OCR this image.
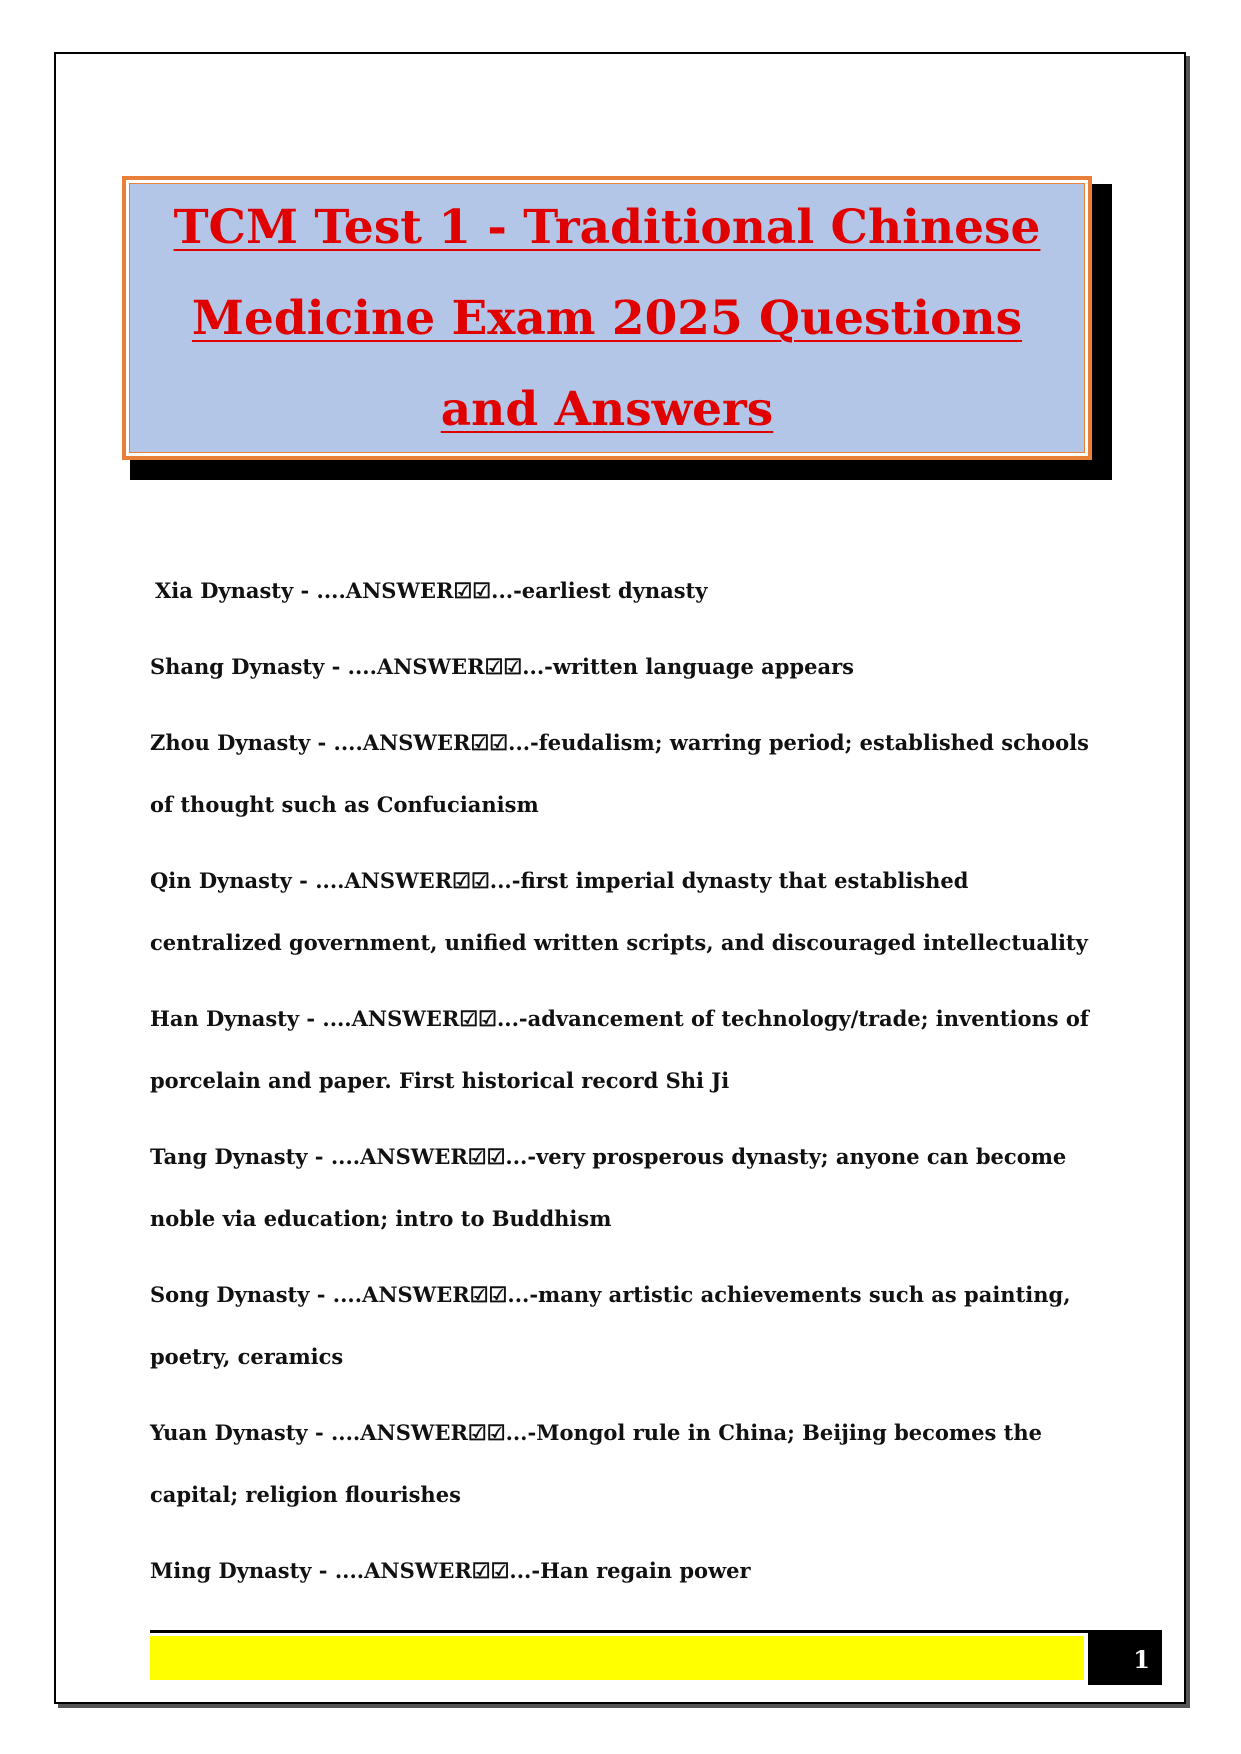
TCM Test 1 - Traditional Chinese Medicine Exam 2025 Questions and Answers

Xia Dynasty - ....ANSWER☑☑...-earliest dynasty

Shang Dynasty - ....ANSWER☑☑...-written language appears

Zhou Dynasty - ....ANSWER☑☑...-feudalism; warring period; established schools of thought such as Confucianism

Qin Dynasty - ....ANSWER☑☑...-first imperial dynasty that established centralized government, unified written scripts, and discouraged intellectuality

Han Dynasty - ....ANSWER☑☑...-advancement of technology/trade; inventions of porcelain and paper. First historical record Shi Ji

Tang Dynasty - ....ANSWER☑☑...-very prosperous dynasty; anyone can become noble via education; intro to Buddhism

Song Dynasty - ....ANSWER☑☑...-many artistic achievements such as painting, poetry, ceramics

Yuan Dynasty - ....ANSWER☑☑...-Mongol rule in China; Beijing becomes the capital; religion flourishes

Ming Dynasty - ....ANSWER☑☑...-Han regain power

1
